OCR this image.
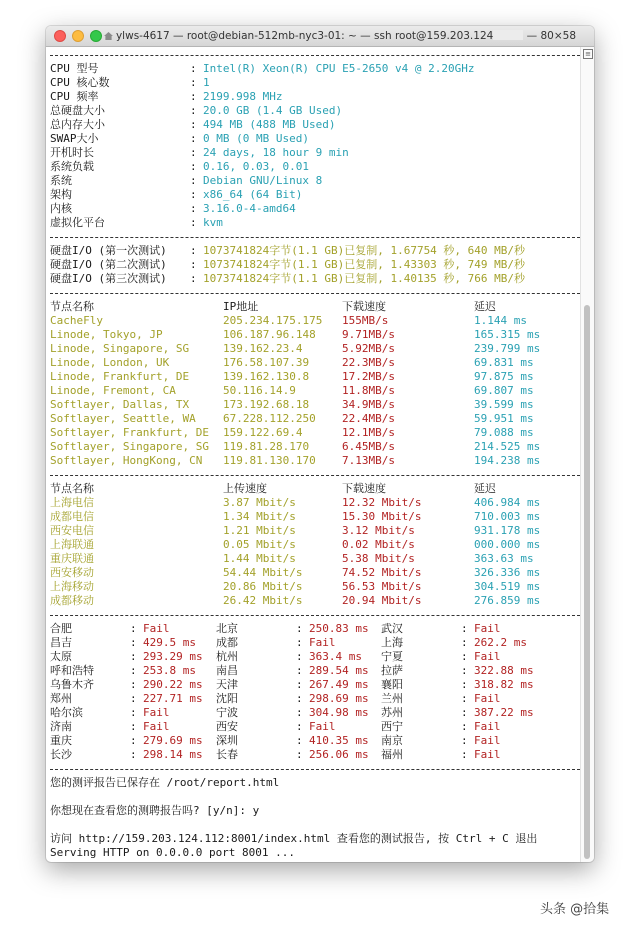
ylws-4617 — root@debian-512mb-nyc3-01: ~ — ssh root@159.203.124	— 80×58
CPU 型号	: Intel(R) Xeon(R) CPU E5-2650 v4 @ 2.20GHz
CPU 核心数	: 1
CPU 频率	: 2199.998 MHz
总硬盘大小	: 20.0 GB (1.4 GB Used)
总内存大小	: 494 MB (488 MB Used)
SWAP大小	: 0 MB (0 MB Used)
开机时长	: 24 days, 18 hour 9 min
系统负载	: 0.16, 0.03, 0.01
系统	: Debian GNU/Linux 8
架构	: x86_64 (64 Bit)
内核	: 3.16.0-4-amd64
虚拟化平台	: kvm
硬盘I/O (第一次测试) : 1073741824字节(1.1 GB)已复制, 1.67754 秒, 640 MB/秒
硬盘I/O (第二次测试) : 1073741824字节(1.1 GB)已复制, 1.43303 秒, 749 MB/秒
硬盘I/O (第三次测试) : 1073741824字节(1.1 GB)已复制, 1.40135 秒, 766 MB/秒
节点名称	IP地址	下载速度	延迟
CacheFly	205.234.175.175 155MB/s	1.144 ms
Linode, Tokyo, JP	106.187.96.148 9.71MB/s	165.315 ms
Linode, Singapore, SG	139.162.23.4	5.92MB/s	239.799 ms
Linode, London, UK	176.58.107.39	22.3MB/s	69.831 ms
Linode, Frankfurt, DE	139.162.130.8	17.2MB/s	97.875 ms
Linode, Fremont, CA	50.116.14.9	11.8MB/s	69.807 ms
Softlayer, Dallas, TX	173.192.68.18	34.9MB/s	39.599 ms
Softlayer, Seattle, WA 67.228.112.250 22.4MB/s	59.951 ms
Softlayer, Frankfurt, DE 159.122.69.4	12.1MB/s	79.088 ms
Softlayer, Singapore, SG 119.81.28.170	6.45MB/s	214.525 ms
Softlayer, HongKong, CN 119.81.130.170 7.13MB/s	194.238 ms
节点名称	上传速度	下载速度	延迟
上海电信	3.87 Mbit/s	12.32 Mbit/s	406.984 ms
成都电信	1.34 Mbit/s	15.30 Mbit/s	710.003 ms
西安电信	1.21 Mbit/s	3.12 Mbit/s	931.178 ms
上海联通	0.05 Mbit/s	0.02 Mbit/s	000.000 ms
重庆联通	1.44 Mbit/s	5.38 Mbit/s	363.63 ms
西安移动	54.44 Mbit/s	74.52 Mbit/s	326.336 ms
上海移动	20.86 Mbit/s	56.53 Mbit/s	304.519 ms
成都移动	26.42 Mbit/s	20.94 Mbit/s	276.859 ms
合肥	: Fail	北京	: 250.83 ms 武汉	: Fail
昌吉	: 429.5 ms 成都	: Fail	上海	: 262.2 ms
太原	: 293.29 ms 杭州	: 363.4 ms 宁夏	: Fail
呼和浩特	: 253.8 ms 南昌	: 289.54 ms 拉萨	: 322.88 ms
乌鲁木齐	: 290.22 ms 天津	: 267.49 ms 襄阳	: 318.82 ms
郑州	: 227.71 ms 沈阳	: 298.69 ms 兰州	: Fail
哈尔滨	: Fail	宁波	: 304.98 ms 苏州	: 387.22 ms
济南	: Fail	西安	: Fail	西宁	: Fail
重庆	: 279.69 ms 深圳	: 410.35 ms 南京	: Fail
长沙	: 298.14 ms 长春	: 256.06 ms 福州	: Fail
您的测评报告已保存在 /root/report.html
你想现在查看您的测聘报告吗? [y/n]: y
访问 http://159.203.124.112:8001/index.html 查看您的测试报告, 按 Ctrl + C 退出
Serving HTTP on 0.0.0.0 port 8001 ...
≡
头条 @拾集
